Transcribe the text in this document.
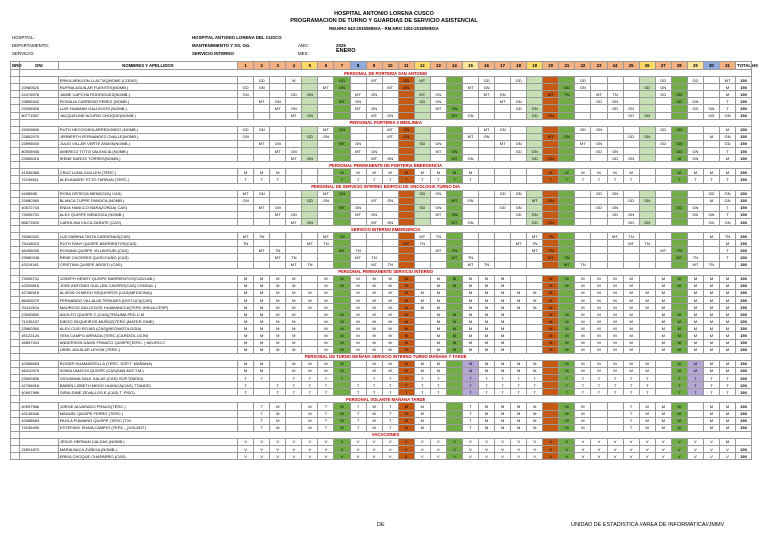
HOSPITAL ANTONIO LORENA CUSCO
PROGRAMACION DE TURNO Y GUARDIAS DE SERVICIO ASISTENCIAL
RM.NRO 543-2015/MINSA - RM.NRO 1302-2018/MINSA
HOSPITAL:	HOSPITAL ANTONIO LORENA DEL CUSCO
DEPARTAMENTO:	MANTENIMIENTO Y SS. GG.
SERVICIO:	SERVICIO INTERNO
AÑO:	2025
MES:	ENERO
NRO	DNI	NOMBRES Y APELLIDOS	1	2	3	4	5	6	7	8	9	10	11	12	13	14	15	16	17	18	19	20	21	22	23	24	25	26	27	28	29	30	31	TOTAL HS
	PERSONAL DE PORTERIA SAN ANTONIO																																	
		ERIKA ARAGON LLACTAQNOME (CODIG)		GD		M			GD		MT		GD	MT				GD		GD				GD					GD		GD		MT	150
	23980520	RUFINA AGUILAR FUENTES(NOMB.)	GD	GN				MT	GN			MT	GN				MT	GN					GD	GN				GD	GN				M	150
	24476576	JAIME CAPCHA RODRIGUEZ(NOMB.)	GN			GD	GN			MT	GN			MT	GN			MT	GN			MT	TN		MT	TN			GD	GN			M	150
	23858342	ROSALIA CARRENO PEREZ (NOMB.)		MT	GN				MT	GN				GD	GN				MT	GN					GD	GN				GD	GN		T	150
	23938926	LUIS HUAMAN GALLEGOS (NOMB.)			MT	GN				MT	GN				MT	GN				GD	GN					GD	GN				GD	GN	T	150
	80771597	JACQUELINE ACURIO CHOQUE(NOMB.)				MT	GN				MT	GN				MT	GN				GD	GN					GD	GN				GD	GN	150
	PERSONAL PORTERIA 3 MEDLINEA																																	
	24005600	RUTH HECOCHEA ARREDONDO (NOMB.)	GD	GN				MT	GN			MT	GN					MT	GN					GD	GN				GD	GN			M	150
	23852570	JERBERTH FERNANDEZ OVALLE(NOMB.)	GN				GD	GN				MT	GN				MT	GN				MT	GN				GD	GN				M	GN	150
	23996530	JULIO VILLAR VERTE ANAYA(NOMB.)		MT	GN				MT	GN				GD	GN				MT	GN				MT	GN				GD	GN			GD	150
	80508935	AMERICO TITTO VALENCIA (NOMB.)			MT	GN				MT	GN				MT	GN				GD	GN				GD	GN				GD	GN		T	150
	23965015	IRENE BAROS TORRES(NOMB.)				MT	GN				MT	GN				MT	GN				GD	GN				GD	GN			M	GN		M	150
	PERSONAL PERMANENTE DE PORTERIA EMERGENCIA																																	
	41536366	CRUZ LUNA GUILLEN (TERC.)	M	M	M				M	M	M	M	M	M	M	M	M					M	M	M	M	M	M			M	M	M	M	150
	72196511	ALEXANDER TITTO TARRAN (TERC.)	T	T	T				T	T	T	T	T	T	T	T	T					T	T	T	T	T	T			T	T	T	T	150
	PERSONAL DE SERVICIO INTERNO EDIFICIO DE ONCOLOGIA TURNO DIA																																	
	4438598	ROSA ORTEGA MENDOZA( CAS)	MT	GN				MT	GN					GD	GN				GD	GN					GD	GN						GD	GN	150
	23980360	BLANCA TUPPE PANOCA (NOMB.)	GN				GD	GN			MT	GN				MT	GN				MT	GN					GD	GN				M	GN	150
	40572743	ENDA HANCCO BARAZORDA( CAS)		MT	GN				MT	GN				GD	GN				GD	GN					GD	GN				GD	GN		T	150
	73096731	ALEX QUISPE MENDOZA (NOMB.)			MT	GN				MT	GN				MT	GN				GD	GN					GD	GN				GD	GN	T	150
	86872520	CAROLINA VILCA ZARATE (CAS)				MT	GN				MT	GN				MT	GN				GD	GN					GD	GN				GD	GN	150
	SERVICIO INTERNO EMERGENCIA																																	
	76060341	LUZ MARINA TINTA CARDENAS(CAS)	MT	TN				MT	TN					MT	TN						MT	TN				MT	TN					M	TN	150
	75418023	RUTH FANY QUISPE BARRIENTOS(CAS)	TN				MT	TN					MT	TN						MT	TN						MT	TN					M	150
	46436035	ROXANA QUISPE VILLAVRUEL(CAS)		MT	TN				MT	TN					MT	TN					MT	TN							MT	TN			T	150
	23980348	RENE CACERES QUISCCAÑO (CAS)			MT	TN				MT	TN					MT	TN					MT	TN							MT	TN		T	150
	43119181	CRISTIAN QUISPE ARGEO (CAS)				MT	TN				MT	TN					MT	TN					MT	TN							MT	TN		150
	PERSONAL PERMANENTE SERVICIO INTERNO																																	
	73096731	JOSEPH HENRY QUISPE BARRIENTOS(CAS/LAB.)	M	M	M	M		M	M	M	M	M	M		M	M	M	M	M			M	M	M	M	M	M		M	M	M	M	M	150
	42209816	JOSE ANTONIO GUILLEN CAVERO(CAS) CONSUL.)	M	M	M	M		M	M	M	M	M	M		M	M	M	M	M			M	M	M	M	M	M		M	M	M	M	M	150
	42766918	ALISON OLMEDO SEQUEIROS (CAS(MEDICINA))	M	M	M	M	M	M		M	M	M	M	M	M		M	M	M	M	M	M		M	M	M	M	M	M		M	M	M	150
	86409279	FERNANDO VILLALVA TERANES (DIST.UCI)(CAS)	M	M	M	M	M	M		M	M	M	M	M	M		M	M	M	M	M	M		M	M	M	M	M	M		M	M	M	150
	70411304	MAURICIO GALLEGOS HUAMANCCA(TERC.INSUA.CESP)	M	M	M	M	M	M		M	M	M	M	M	M		M	M	M	M	M	M		M	M	M	M	M	M		M	M	M	150
	23930850	ADOLFO QUISPE C.(CAS)(TRAUMA PED.C.M	M	M	M	M		M	M	M	M	M	M		M	M	M	M	M			M	M	M	M	M	M		M	M	M	M	M	150
	71245157	DIEGO SEQUEIROS MUÑOZ(TERC.)MATER GINE)	M	M	M	M		M	M	M	M	M	M		M	M	M	M	M			M	M	M	M	M	M		M	M	M	M	M	150
	23960360	ALEX CUSI ROJAS (CAS)(NEONATOLOGIA)	M	M	M	M		M	M	M	M	M	M		M	M	M	M	M			M	M	M	M	M	M		M	M	M	M	M	150
	45122124	YENI CAMPO ARRAGA (TERC.)CARDIOL.UCIN)	M	M	M	M		M	M	M	M	M	M		M	M	M	M	M			M	M	M	M	M	M		M	M	M	M	M	150
	45857204	ANDERSON DAVID FRANCO QUISPE(TERC. ) NEURO.C.	M	M	M	M		M	M	M	M	M	M		M	M	M	M	M			M	M	M	M	M	M		M	M	M	M	M	150
		URIEL AGUILAR LEVON (TERC.)	M	M	M	M		M	M	M	M	M	M		M	M	M	M	M			M	M	M	M	M	M		M	M	M	M	M	150
	PERSONAL DE TURNO MAÑANA SERVICIO INTERNO TURNO MAÑANA Y TARDE																																	
	42088683	ROGER HUAMANTELLA (TERC. SOP.T. MAÑANA)	M	M		M	M	M	M		M	M	M	M	M		M	M	M	M	M		M	M	M	M	M	M		M	M	M	M	150
	46410379	SONIA UMACHI QUISPE (CAS(SAN ANT.T.M.)	M	M		M	M	M	M		M	M	M	M	M		M	M	M	M	M		M	M	M	M	M	M		M	M	M	M	150
	23992835	GIOVANNA SAUL SALAS (CAS) SOP.T(MODI)	T	T		T	T	T	T		T	T	T	T	T		T	T	T	T	T		T	T	T	T	T	T		T	T	T	T	150
	42766918	BABEN LIZBETH MEDO HUANCA(CAS) TTANDE)	T		T	T	T	T		T	T	T	T	T	T		T	T	T	T	T		T	T	T	T	T	T		T	T	T	T	150
	40997966	GIRALDINE ZEVALLOS E.(CAS) T. PISO)	T		T	T	T	T		T	T	T	T	T	T		T	T	T	T	T		T	T	T	T	T	T		T	T	T	T	150
	PERSONAL VOLANTE MAÑANA TARDE																																	
	40997966	JORGE ALVARADO PRADO(TERC.)		T	M		M	T	M	T	M	T	M	M			T	M	M	M	M		M	M			T	M	M	M		M	M	150
	43138346	MANUEL QUISPE FERRO (TERC.)		T	M		M	T	M	T	M	T	M	M			T	M	M	M	M		M	M			T	M	M	M		M	M	150
	42088683	PAOLA PUMAINO QUISPE (TERC.)T.M.		T	M		M	T	M	T	M	T	M	M			T	M	M	M	M		M	M			T	M	M	M		M	M	150
	74236490	ESTEFANY SHAIA CAMPIO (TERC._)VOLANT.)		T	M		M	T	M	T	M	T	M	M			T	M	M	M	M		M	M			T	M	M	M		M	M	150
	VACACIONES																																	
		JESUS HERNAN CALDAS (NOMB.)	V	V	V	V	V	V	V	V	V	V	V	V	V	V	V	V	V	V	V	V	V	V	V	V	V	V	V	V	V	V	M	
	23991879	MARIA BACA ZUÑIGA (NOMB.)	V	V	V	V	V	V	V	V	V	V	V	V	V	V	V	V	V	V	V	V	V	V	V	V	V	V	V	V	V	V	V	150
		ERIKA CHOQUE CHAPARRO (CAS)	V	V	V	V	V	V	V	V	V	V	V	V	V	V	V	V	V	V	V	V	V	V	V	V	V	V	V	V	V	V	V	150
DE	UNIDAD DE ESTADISTICA //AREA DE INFORMATICA//JMMV
